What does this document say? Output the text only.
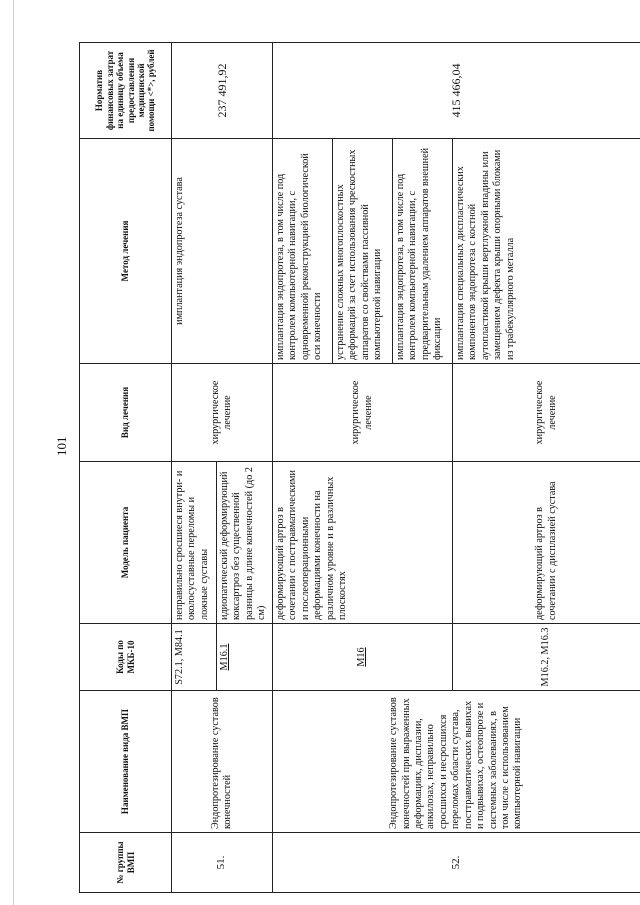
101
№ группы ВМП	Наименование вида ВМП	Коды по МКБ-10	Модель пациента	Вид лечения	Метод лечения	Норматив финансовых затрат на единицу объема предоставления медицинской помощи <*>, рублей
51.	Эндопротезирование суставов конечностей	S72.1, M84.1	неправильно сросшиеся внутри- и околосуставные переломы и ложные суставы	хирургическое лечение	имплантация эндопротеза сустава	237 491,92
		M16.1	идиопатический деформирующий коксартроз без существенной разницы в длине конечностей (до 2 см)			
52.	Эндопротезирование суставов конечностей при выраженных деформациях, дисплазии, анкилозах, неправильно сросшихся и несросшихся переломах области сустава, посттравматических вывихах и подвывихах, остеопорозе и системных заболеваниях, в том числе с использованием компьютерной навигации	M16	деформирующий артроз в сочетании с посттравматическими и послеоперационными деформациями конечности на различном уровне и в различных плоскостях	хирургическое лечение	имплантация эндопротеза, в том числе под контролем компьютерной навигации, с одновременной реконструкцией биологической оси конечности	415 466,04
					устранение сложных многоплоскостных деформаций за счет использования чрескостных аппаратов со свойствами пассивной компьютерной навигации	
					имплантация эндопротеза, в том числе под контролем компьютерной навигации, с предварительным удалением аппаратов внешней фиксации	
		M16.2, M16.3	деформирующий артроз в сочетании с дисплазией сустава	хирургическое лечение	имплантация специальных диспластических компонентов эндопротеза с костной аутопластикой крыши вертлужной впадины или замещением дефекта крыши опорными блоками из трабекуллярного металла	
